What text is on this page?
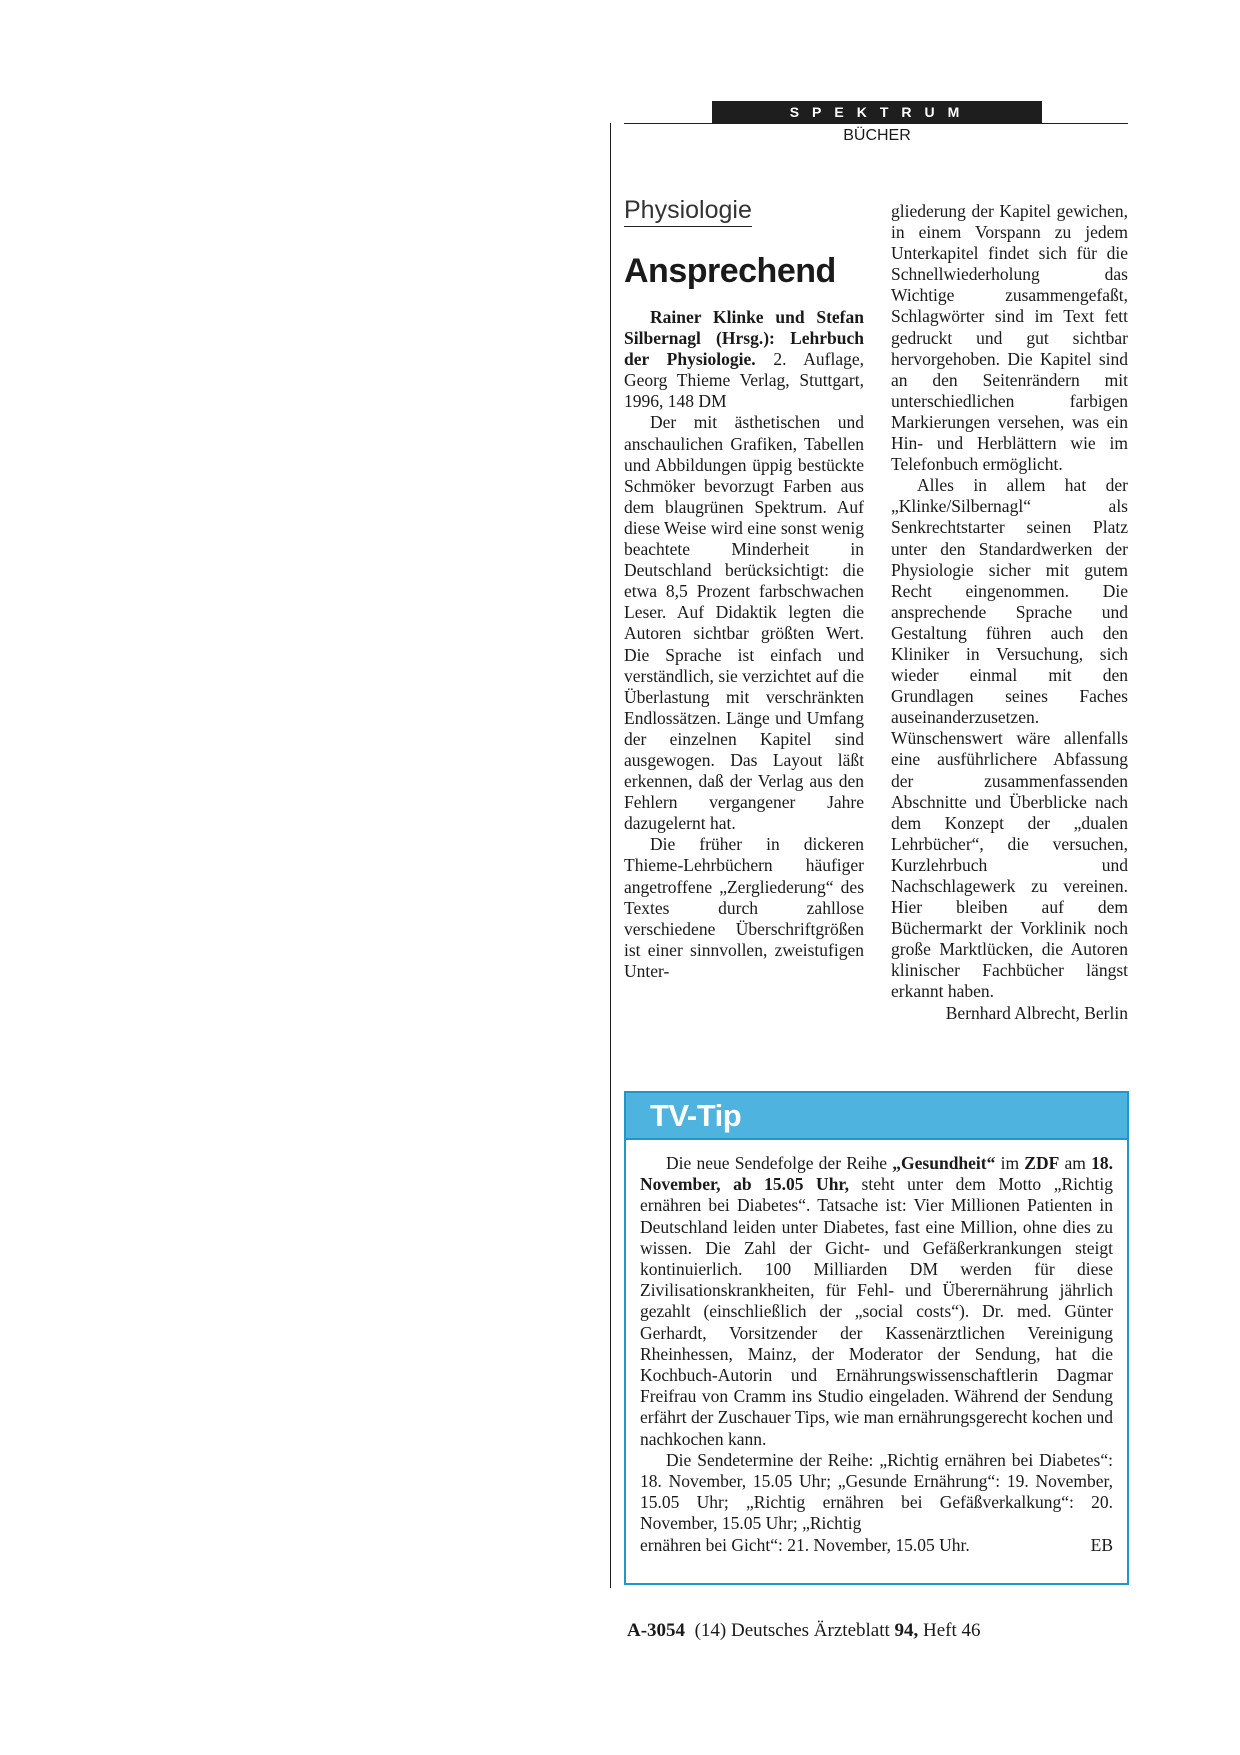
SPEKTRUM
BÜCHER
Physiologie
Ansprechend

Rainer Klinke und Stefan Silbernagl (Hrsg.): Lehrbuch der Physiologie. 2. Auflage, Georg Thieme Verlag, Stuttgart, 1996, 148 DM

Der mit ästhetischen und anschaulichen Grafiken, Tabellen und Abbildungen üppig bestückte Schmöker bevorzugt Farben aus dem blaugrünen Spektrum. Auf diese Weise wird eine sonst wenig beachtete Minderheit in Deutschland berücksichtigt: die etwa 8,5 Prozent farbschwachen Leser. Auf Didaktik legten die Autoren sichtbar größten Wert. Die Sprache ist einfach und verständlich, sie verzichtet auf die Überlastung mit verschränkten Endlossätzen. Länge und Umfang der einzelnen Kapitel sind ausgewogen. Das Layout läßt erkennen, daß der Verlag aus den Fehlern vergangener Jahre dazugelernt hat.

Die früher in dickeren Thieme-Lehrbüchern häufiger angetroffene „Zergliederung“ des Textes durch zahllose verschiedene Überschriftgrößen ist einer sinnvollen, zweistufigen Unter-

gliederung der Kapitel gewichen, in einem Vorspann zu jedem Unterkapitel findet sich für die Schnellwiederholung das Wichtige zusammengefaßt, Schlagwörter sind im Text fett gedruckt und gut sichtbar hervorgehoben. Die Kapitel sind an den Seitenrändern mit unterschiedlichen farbigen Markierungen versehen, was ein Hin- und Herblättern wie im Telefonbuch ermöglicht.

Alles in allem hat der „Klinke/Silbernagl“ als Senkrechtstarter seinen Platz unter den Standardwerken der Physiologie sicher mit gutem Recht eingenommen. Die ansprechende Sprache und Gestaltung führen auch den Kliniker in Versuchung, sich wieder einmal mit den Grundlagen seines Faches auseinanderzusetzen. Wünschenswert wäre allenfalls eine ausführlichere Abfassung der zusammenfassenden Abschnitte und Überblicke nach dem Konzept der „dualen Lehrbücher“, die versuchen, Kurzlehrbuch und Nachschlagewerk zu vereinen. Hier bleiben auf dem Büchermarkt der Vorklinik noch große Marktlücken, die Autoren klinischer Fachbücher längst erkannt haben.

Bernhard Albrecht, Berlin

TV-Tip

Die neue Sendefolge der Reihe „Gesundheit“ im ZDF am 18. November, ab 15.05 Uhr, steht unter dem Motto „Richtig ernähren bei Diabetes“. Tatsache ist: Vier Millionen Patienten in Deutschland leiden unter Diabetes, fast eine Million, ohne dies zu wissen. Die Zahl der Gicht- und Gefäßerkrankungen steigt kontinuierlich. 100 Milliarden DM werden für diese Zivilisationskrankheiten, für Fehl- und Überernährung jährlich gezahlt (einschließlich der „social costs“). Dr. med. Günter Gerhardt, Vorsitzender der Kassenärztlichen Vereinigung Rheinhessen, Mainz, der Moderator der Sendung, hat die Kochbuch-Autorin und Ernährungswissenschaftlerin Dagmar Freifrau von Cramm ins Studio eingeladen. Während der Sendung erfährt der Zuschauer Tips, wie man ernährungsgerecht kochen und nachkochen kann.

Die Sendetermine der Reihe: „Richtig ernähren bei Diabetes“: 18. November, 15.05 Uhr; „Gesunde Ernährung“: 19. November, 15.05 Uhr; „Richtig ernähren bei Gefäßverkalkung“: 20. November, 15.05 Uhr; „Richtig

ernähren bei Gicht“: 21. November, 15.05 Uhr.	EB
A-3054 (14) Deutsches Ärzteblatt 94, Heft 46
